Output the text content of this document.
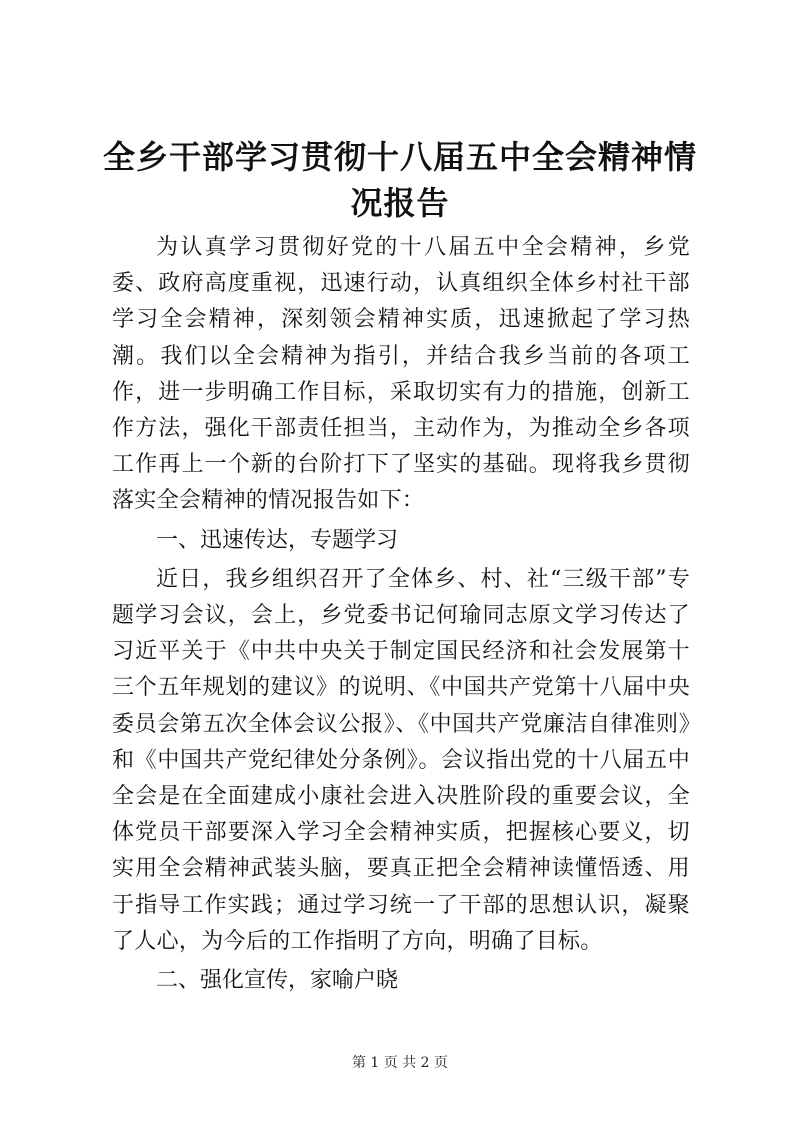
全乡干部学习贯彻十八届五中全会精神情况报告

为认真学习贯彻好党的十八届五中全会精神，乡党委、政府高度重视，迅速行动，认真组织全体乡村社干部学习全会精神，深刻领会精神实质，迅速掀起了学习热潮。我们以全会精神为指引，并结合我乡当前的各项工作，进一步明确工作目标，采取切实有力的措施，创新工作方法，强化干部责任担当，主动作为，为推动全乡各项工作再上一个新的台阶打下了坚实的基础。现将我乡贯彻落实全会精神的情况报告如下：

一、迅速传达，专题学习

近日，我乡组织召开了全体乡、村、社“三级干部”专题学习会议，会上，乡党委书记何瑜同志原文学习传达了习近平关于《中共中央关于制定国民经济和社会发展第十三个五年规划的建议》的说明、《中国共产党第十八届中央委员会第五次全体会议公报》、《中国共产党廉洁自律准则》和《中国共产党纪律处分条例》。会议指出党的十八届五中全会是在全面建成小康社会进入决胜阶段的重要会议，全体党员干部要深入学习全会精神实质，把握核心要义，切实用全会精神武装头脑，要真正把全会精神读懂悟透、用于指导工作实践；通过学习统一了干部的思想认识，凝聚了人心，为今后的工作指明了方向，明确了目标。

二、强化宣传，家喻户晓

第 1 页 共 2 页
